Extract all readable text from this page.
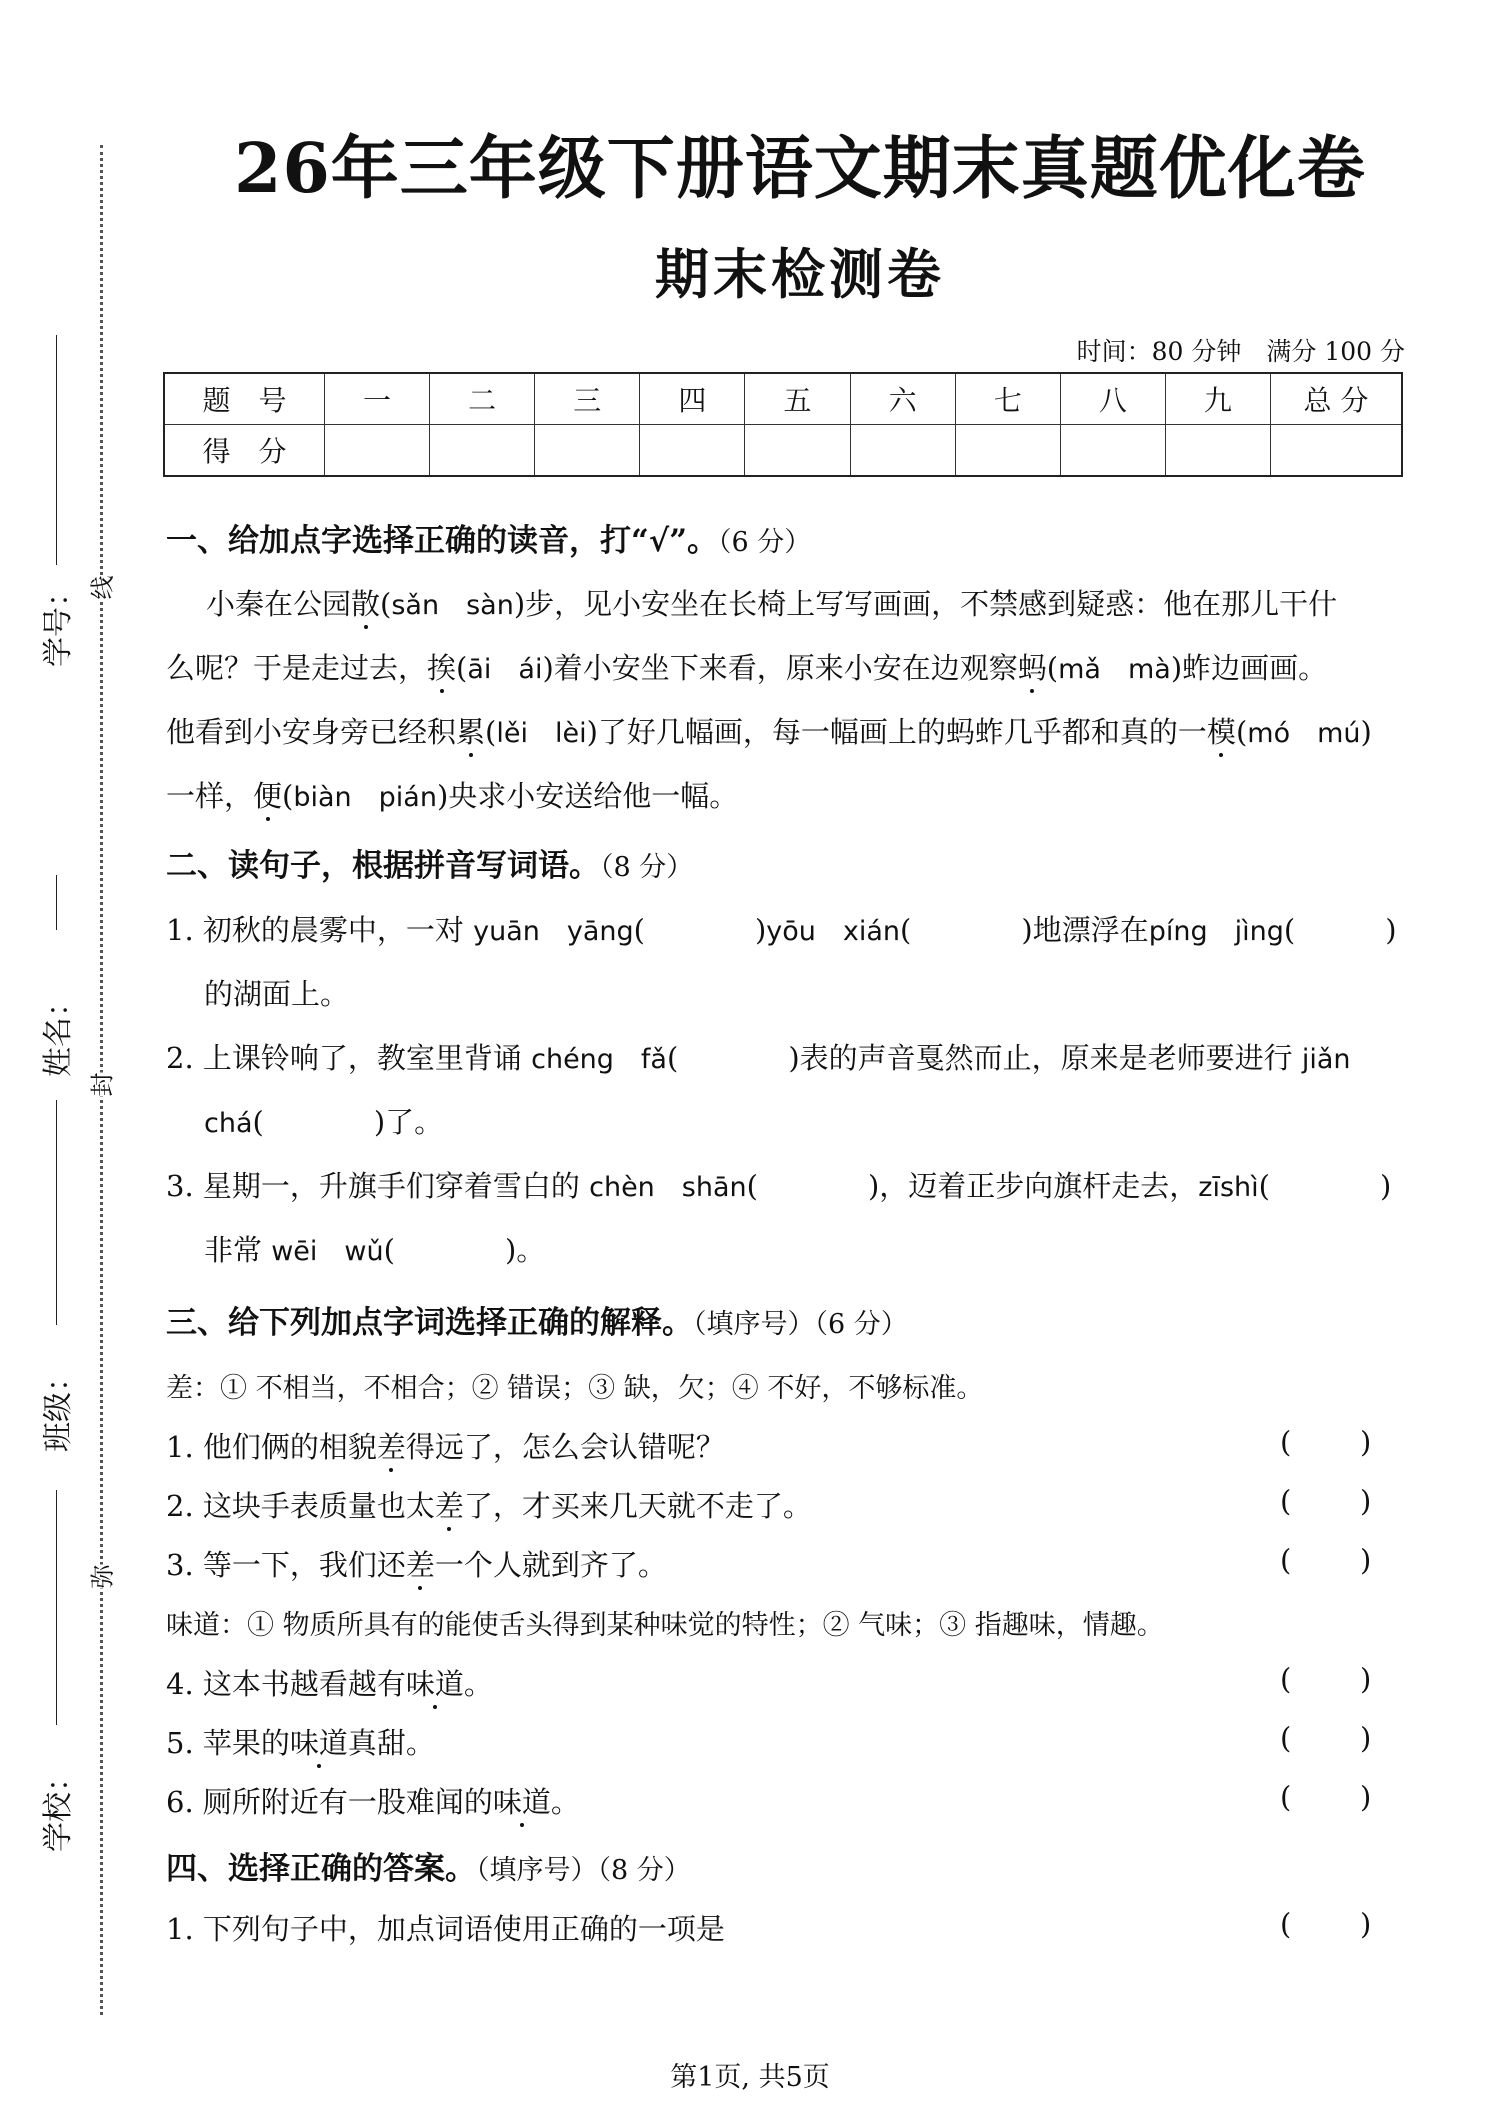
学号：
姓名：
班级：
学校：
线
封
弥
26年三年级下册语文期末真题优化卷
期末检测卷
时间：80 分钟　满分 100 分
题　号	一	二	三	四	五	六	七	八	九	总 分
得　分										
一、给加点字选择正确的读音，打“√”。（6 分）
小秦在公园散(sǎn　sàn)步，见小安坐在长椅上写写画画，不禁感到疑惑：他在那儿干什
么呢？于是走过去，挨(āi　ái)着小安坐下来看，原来小安在边观察蚂(mǎ　mà)蚱边画画。
他看到小安身旁已经积累(lěi　lèi)了好几幅画，每一幅画上的蚂蚱几乎都和真的一模(mó　mú)
一样，便(biàn　pián)央求小安送给他一幅。
二、读句子，根据拼音写词语。（8 分）
1. 初秋的晨雾中，一对 yuān　yāng(	)yōu　xián(	)地漂浮在píng　jìng(	)
的湖面上。
2. 上课铃响了，教室里背诵 chéng　fǎ(	)表的声音戛然而止，原来是老师要进行 jiǎn
chá(	)了。
3. 星期一，升旗手们穿着雪白的 chèn　shān(	)，迈着正步向旗杆走去，zīshì(	)
非常 wēi　wǔ(	)。
三、给下列加点字词选择正确的解释。（填序号）（6 分）
差：① 不相当，不相合；② 错误；③ 缺，欠；④ 不好，不够标准。
1. 他们俩的相貌差得远了，怎么会认错呢？	( )
2. 这块手表质量也太差了，才买来几天就不走了。	( )
3. 等一下，我们还差一个人就到齐了。	( )
味道：① 物质所具有的能使舌头得到某种味觉的特性；② 气味；③ 指趣味，情趣。
4. 这本书越看越有味道。	( )
5. 苹果的味道真甜。	( )
6. 厕所附近有一股难闻的味道。	( )
四、选择正确的答案。（填序号）（8 分）
1. 下列句子中，加点词语使用正确的一项是	( )
第1页, 共5页
